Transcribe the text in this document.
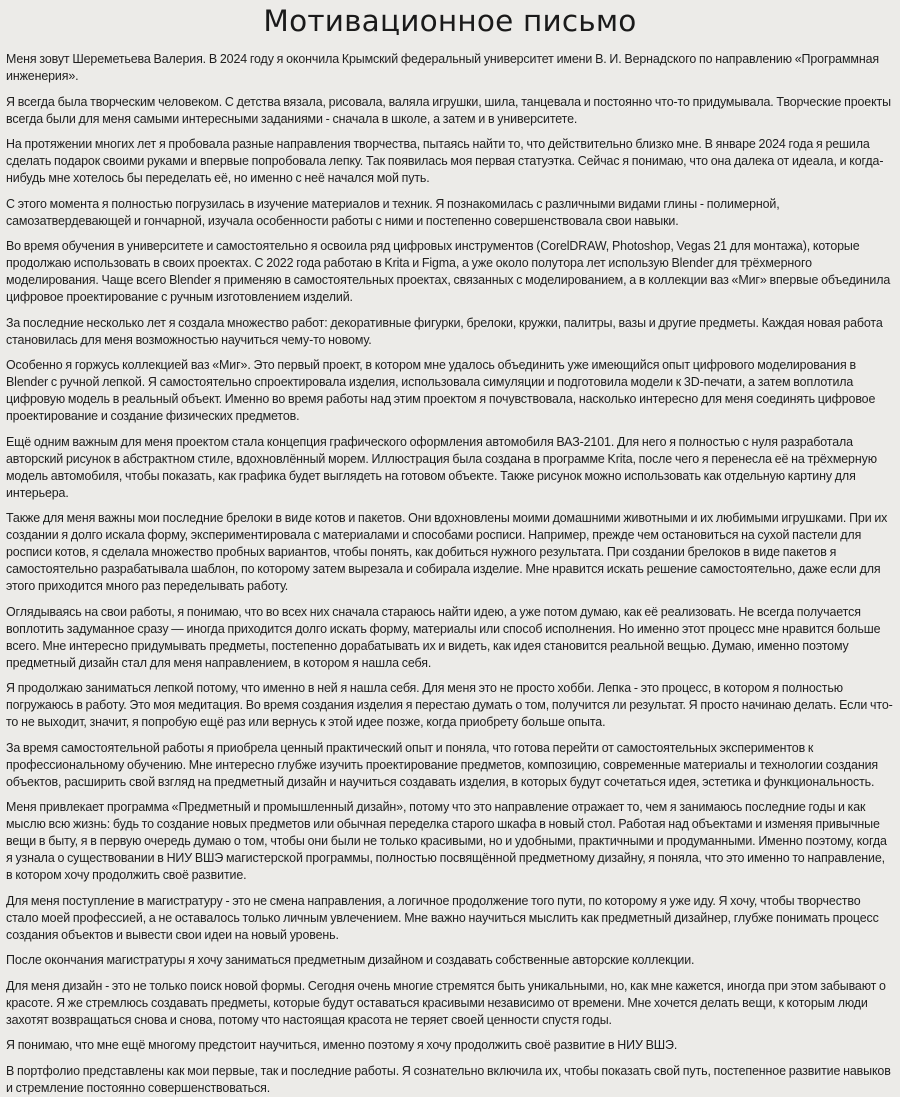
Мотивационное письмо

Меня зовут Шереметьева Валерия. В 2024 году я окончила Крымский федеральный университет имени В. И. Вернадского по направлению «Программная инженерия».

Я всегда была творческим человеком. С детства вязала, рисовала, валяла игрушки, шила, танцевала и постоянно что-то придумывала. Творческие проекты всегда были для меня самыми интересными заданиями - сначала в школе, а затем и в университете.

На протяжении многих лет я пробовала разные направления творчества, пытаясь найти то, что действительно близко мне. В январе 2024 года я решила сделать подарок своими руками и впервые попробовала лепку. Так появилась моя первая статуэтка. Сейчас я понимаю, что она далека от идеала, и когда-нибудь мне хотелось бы переделать её, но именно с неё начался мой путь.

С этого момента я полностью погрузилась в изучение материалов и техник. Я познакомилась с различными видами глины - полимерной, самозатвердевающей и гончарной, изучала особенности работы с ними и постепенно совершенствовала свои навыки.

Во время обучения в университете и самостоятельно я освоила ряд цифровых инструментов (CorelDRAW, Photoshop, Vegas 21 для монтажа), которые продолжаю использовать в своих проектах. С 2022 года работаю в Krita и Figma, а уже около полутора лет использую Blender для трёхмерного моделирования. Чаще всего Blender я применяю в самостоятельных проектах, связанных с моделированием, а в коллекции ваз «Миг» впервые объединила цифровое проектирование с ручным изготовлением изделий.

За последние несколько лет я создала множество работ: декоративные фигурки, брелоки, кружки, палитры, вазы и другие предметы. Каждая новая работа становилась для меня возможностью научиться чему-то новому.

Особенно я горжусь коллекцией ваз «Миг». Это первый проект, в котором мне удалось объединить уже имеющийся опыт цифрового моделирования в Blender с ручной лепкой. Я самостоятельно спроектировала изделия, использовала симуляции и подготовила модели к 3D-печати, а затем воплотила цифровую модель в реальный объект. Именно во время работы над этим проектом я почувствовала, насколько интересно для меня соединять цифровое проектирование и создание физических предметов.

Ещё одним важным для меня проектом стала концепция графического оформления автомобиля ВАЗ-2101. Для него я полностью с нуля разработала авторский рисунок в абстрактном стиле, вдохновлённый морем. Иллюстрация была создана в программе Krita, после чего я перенесла её на трёхмерную модель автомобиля, чтобы показать, как графика будет выглядеть на готовом объекте. Также рисунок можно использовать как отдельную картину для интерьера.

Также для меня важны мои последние брелоки в виде котов и пакетов. Они вдохновлены моими домашними животными и их любимыми игрушками. При их создании я долго искала форму, экспериментировала с материалами и способами росписи. Например, прежде чем остановиться на сухой пастели для росписи котов, я сделала множество пробных вариантов, чтобы понять, как добиться нужного результата. При создании брелоков в виде пакетов я самостоятельно разрабатывала шаблон, по которому затем вырезала и собирала изделие. Мне нравится искать решение самостоятельно, даже если для этого приходится много раз переделывать работу.

Оглядываясь на свои работы, я понимаю, что во всех них сначала стараюсь найти идею, а уже потом думаю, как её реализовать. Не всегда получается воплотить задуманное сразу — иногда приходится долго искать форму, материалы или способ исполнения. Но именно этот процесс мне нравится больше всего. Мне интересно придумывать предметы, постепенно дорабатывать их и видеть, как идея становится реальной вещью. Думаю, именно поэтому предметный дизайн стал для меня направлением, в котором я нашла себя.

Я продолжаю заниматься лепкой потому, что именно в ней я нашла себя. Для меня это не просто хобби. Лепка - это процесс, в котором я полностью погружаюсь в работу. Это моя медитация. Во время создания изделия я перестаю думать о том, получится ли результат. Я просто начинаю делать. Если что-то не выходит, значит, я попробую ещё раз или вернусь к этой идее позже, когда приобрету больше опыта.

За время самостоятельной работы я приобрела ценный практический опыт и поняла, что готова перейти от самостоятельных экспериментов к профессиональному обучению. Мне интересно глубже изучить проектирование предметов, композицию, современные материалы и технологии создания объектов, расширить свой взгляд на предметный дизайн и научиться создавать изделия, в которых будут сочетаться идея, эстетика и функциональность.

Меня привлекает программа «Предметный и промышленный дизайн», потому что это направление отражает то, чем я занимаюсь последние годы и как мыслю всю жизнь: будь то создание новых предметов или обычная переделка старого шкафа в новый стол. Работая над объектами и изменяя привычные вещи в быту, я в первую очередь думаю о том, чтобы они были не только красивыми, но и удобными, практичными и продуманными. Именно поэтому, когда я узнала о существовании в НИУ ВШЭ магистерской программы, полностью посвящённой предметному дизайну, я поняла, что это именно то направление, в котором хочу продолжить своё развитие.

Для меня поступление в магистратуру - это не смена направления, а логичное продолжение того пути, по которому я уже иду. Я хочу, чтобы творчество стало моей профессией, а не оставалось только личным увлечением. Мне важно научиться мыслить как предметный дизайнер, глубже понимать процесс создания объектов и вывести свои идеи на новый уровень.

После окончания магистратуры я хочу заниматься предметным дизайном и создавать собственные авторские коллекции.

Для меня дизайн - это не только поиск новой формы. Сегодня очень многие стремятся быть уникальными, но, как мне кажется, иногда при этом забывают о красоте. Я же стремлюсь создавать предметы, которые будут оставаться красивыми независимо от времени. Мне хочется делать вещи, к которым люди захотят возвращаться снова и снова, потому что настоящая красота не теряет своей ценности спустя годы.

Я понимаю, что мне ещё многому предстоит научиться, именно поэтому я хочу продолжить своё развитие в НИУ ВШЭ.

В портфолио представлены как мои первые, так и последние работы. Я сознательно включила их, чтобы показать свой путь, постепенное развитие навыков и стремление постоянно совершенствоваться.
